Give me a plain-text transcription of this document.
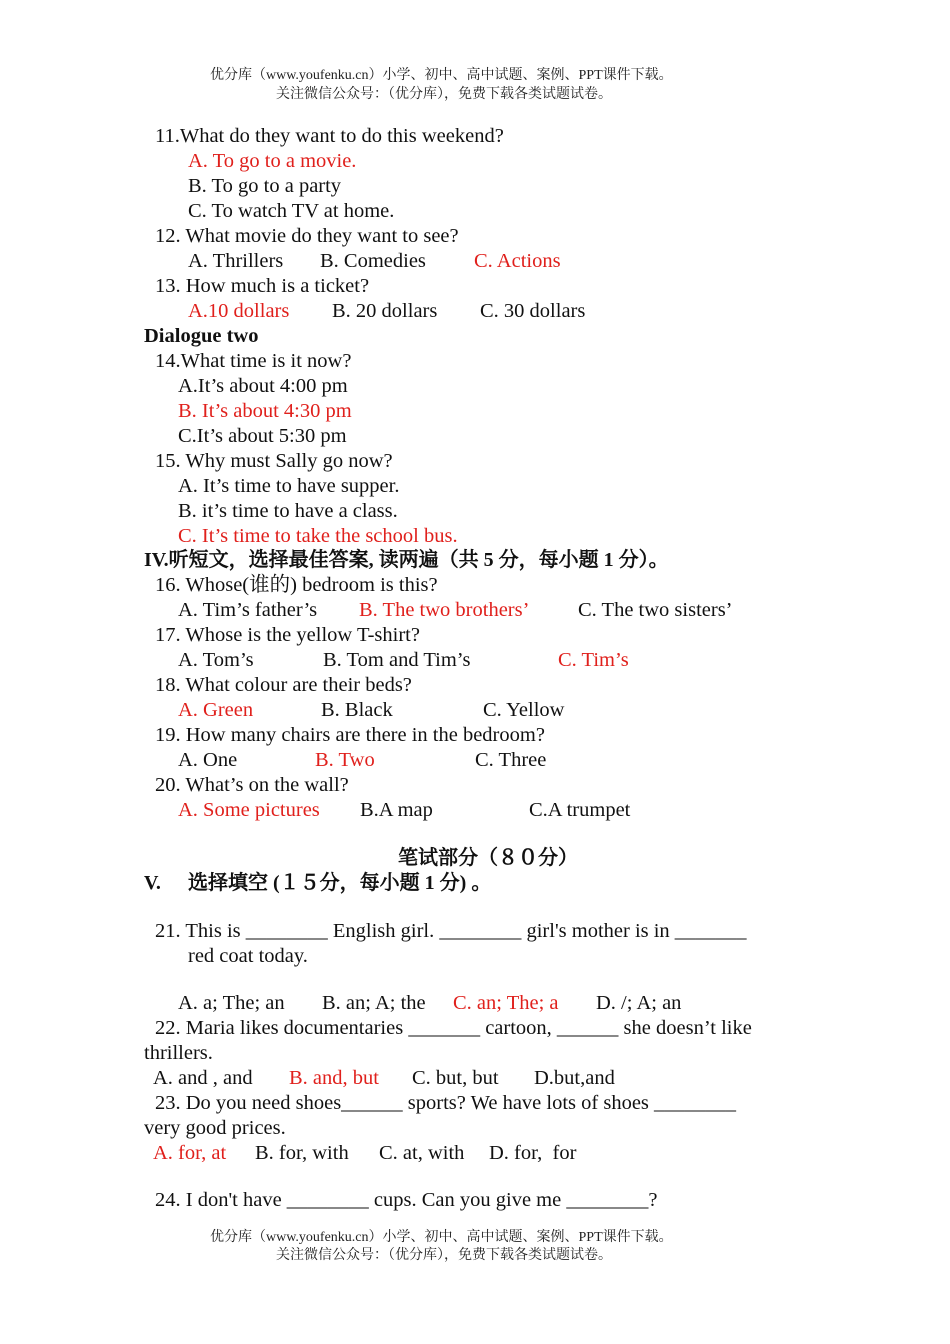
优分库（www.youfenku.cn）小学、初中、高中试题、案例、PPT课件下载。
关注微信公众号：（优分库），免费下载各类试题试卷。
11.What do they want to do this weekend?
A. To go to a movie.
B. To go to a party
C. To watch TV at home.
12. What movie do they want to see?
A. Thrillers B. Comedies C. Actions
13. How much is a ticket?
A.10 dollars B. 20 dollars C. 30 dollars
Dialogue two
14.What time is it now?
A.It’s about 4:00 pm
B. It’s about 4:30 pm
C.It’s about 5:30 pm
15. Why must Sally go now?
A. It’s time to have supper.
B. it’s time to have a class.
C. It’s time to take the school bus.
IV.听短文，选择最佳答案, 读两遍（共 5 分，每小题 1 分）。
16. Whose(谁的) bedroom is this?
A. Tim’s father’s B. The two brothers’ C. The two sisters’
17. Whose is the yellow T-shirt?
A. Tom’s	B. Tom and Tim’s	C. Tim’s
18. What colour are their beds?
A. Green	B. Black	C. Yellow
19. How many chairs are there in the bedroom?
A. One	B. Two	C. Three
20. What’s on the wall?
A. Some pictures B.A map	C.A trumpet
笔试部分（８０分）
V. 选择填空 (１５分，每小题 1 分) 。
21. This is ________ English girl. ________ girl's mother is in _______
red coat today.
A. a; The; an B. an; A; the C. an; The; a D. /; A; an
22. Maria likes documentaries _______ cartoon, ______ she doesn’t like
thrillers.
A. and , and B. and, but C. but, but D.but,and
23. Do you need shoes______ sports? We have lots of shoes ________
very good prices.
A. for, at B. for, with C. at, with D. for,  for
24. I don't have ________ cups. Can you give me ________?
优分库（www.youfenku.cn）小学、初中、高中试题、案例、PPT课件下载。
关注微信公众号：（优分库），免费下载各类试题试卷。
